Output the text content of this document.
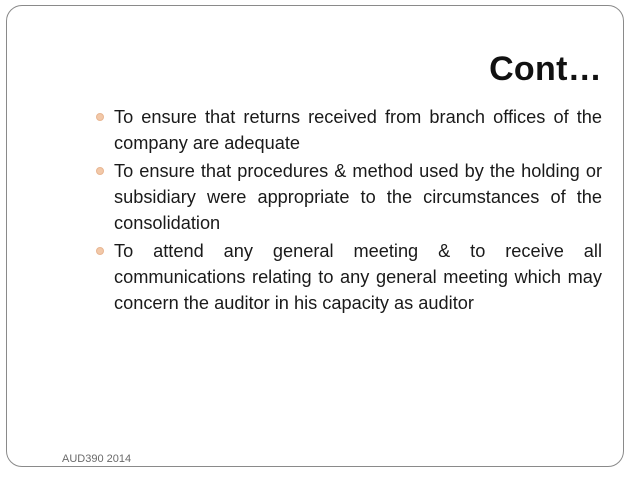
Cont…
To ensure that returns received from branch offices of the company are adequate
To ensure that procedures & method used by the holding or subsidiary were appropriate to the circumstances of the consolidation
To attend any general meeting & to receive all communications relating to any general meeting which may concern the auditor in his capacity as auditor
AUD390 2014
